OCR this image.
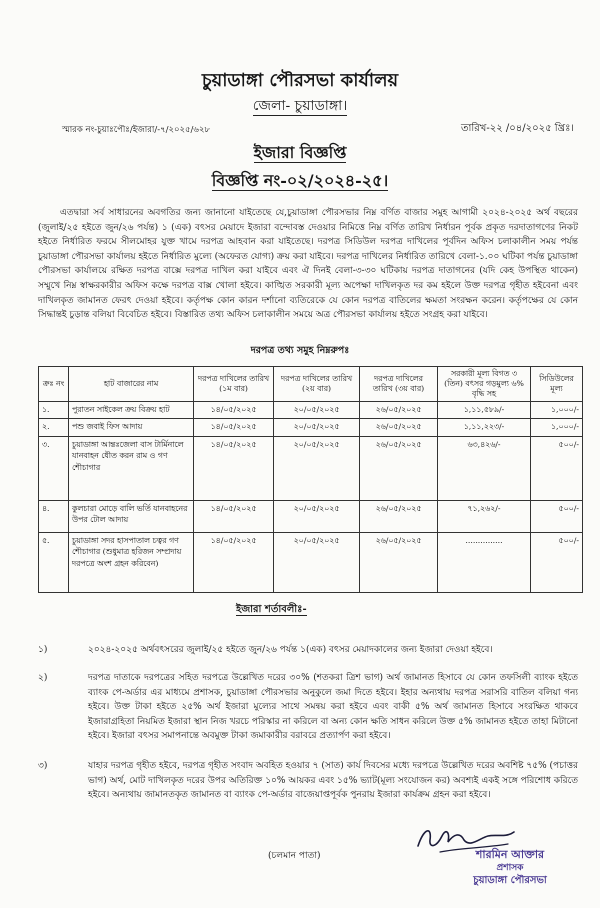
চুয়াডাঙ্গা পৌরসভা কার্যালয়
জেলা- চুয়াডাঙ্গা।
স্মারক নং-চুয়াঃপৌঃ/ইজারা/-৭/২০২৫/৬২৮	তারিখ-২২ /০৪/২০২৫ খ্রিঃ।
ইজারা বিজ্ঞপ্তি
বিজ্ঞপ্তি নং-০২/২০২৪-২৫।
এতদ্বারা সর্ব সাধারনের অবগতির জন্য জানানো যাইতেছে যে,চুয়াডাঙ্গা পৌরসভার নিম্ন বর্ণিত বাজার সমুহ আগামী ২০২৪-২০২৫ অর্থ বছরের (জুলাই/২৫ হইতে জুন/২৬ পর্যন্ত) ১ (এক) বৎসর মেয়াদে ইজারা বন্দোবস্ত দেওয়ার নিমিত্তে নিম্ন বর্ণিত তারিখ নির্ধারন পূর্বক প্রকৃত দরদাতাগণের নিকট হইতে নির্ধারিত ফরমে সীলমোহর যুক্ত খামে দরপত্র আহবান করা যাইতেছে। দরপত্র সিডিউল দরপত্র দাখিলের পূর্বদিন অফিস চলাকালীন সময় পর্যন্ত চুয়াডাঙ্গা পৌরসভা কার্যালয় হইতে নির্ধারিত মুল্যে (অফেরত যোগ্য) ক্রয় করা যাইবে। দরপত্র দাখিলের নির্ধারিত তারিখে বেলা-১.০০ ঘটিকা পর্যন্ত চুয়াডাঙ্গা পৌরসভা কার্যালয়ে রক্ষিত দরপত্র বাক্সে দরপত্র দাখিল করা যাইবে এবং ঐ দিনই বেলা-৩-৩০ ঘটিকায় দরপত্র দাতাগনের (যদি কেহ উপস্থিত থাকেন) সম্মুখে নিম্ন স্বাক্ষরকারীর অফিস কক্ষে দরপত্র বাক্স খোলা হইবে। কাঙ্খিত সরকারী মূল্য অপেক্ষা দাখিলকৃত দর কম হইলে উক্ত দরপত্র গৃহীত হইবেনা এবং দাখিলকৃত জামানত ফেরৎ দেওয়া হইবে। কর্তৃপক্ষ কোন কারন দর্শানো ব্যতিরেকে যে কোন দরপত্র বাতিলের ক্ষমতা সংরক্ষন করেন। কর্তৃপক্ষের যে কোন সিদ্ধান্তই চুড়ান্ত বলিয়া বিবেচিত হইবে। বিস্তারিত তথ্য অফিস চলাকালীন সময়ে অত্র পৌরসভা কার্যালয় হইতে সংগ্রহ করা যাইবে।
দরপত্র তথ্য সমুহ নিম্নরুপঃ
ক্রঃ নং	হাট বাজারের নাম	দরপত্র দাখিলের তারিখ (১ম বার)	দরপত্র দাখিলের তারিখ (২য় বার)	দরপত্র দাখিলের তারিখ (৩য় বার)	সরকারী মূল্য বিগত ৩ (তিন) বৎসর গড়মুল্য ৬% বৃদ্ধি সহ	সিডিউলের মূল্য
১.	পুরাতন সাইকেল ক্রয় বিক্রয় হাট	১৪/০৫/২০২৫	২০/০৫/২০২৫	২৬/০৫/২০২৫	১,১১,৫৮৯/-	১,০০০/-
২.	পশু জবাই ফিস আদায়	১৪/০৫/২০২৫	২০/০৫/২০২৫	২৬/০৫/২০২৫	১,১১,২২৩/-	১,০০০/-
৩.	চুয়াডাঙ্গা আন্তঃজেলা বাস টার্মিনালে যানবাহন ধৌত করন রাম ও গণ শৌচাগার	১৪/০৫/২০২৫	২০/০৫/২০২৫	২৬/০৫/২০২৫	৬৩,৪২৬/-	৫০০/-
৪.	কুলচারা মোড়ে বালি ভর্তি যানবাহনের উপর টোল আদায়	১৪/০৫/২০২৫	২০/০৫/২০২৫	২৬/০৫/২০২৫	৭১,২৬২/-	৫০০/-
৫.	চুয়াডাঙ্গা সদর হাসপাতাল চত্বর গণ শৌচাগার (শুধুমাত্র হরিজন সম্প্রদায় দরপত্রে অংশ গ্রহন করিবেন)	১৪/০৫/২০২৫	২০/০৫/২০২৫	২৬/০৫/২০২৫	...............	৫০০/-
ইজারা শর্তাবলীঃ-
১)	২০২৪-২০২৫ অর্থবৎসরের জুলাই/২৫ হইতে জুন/২৬ পর্যন্ত ১(এক) বৎসর মেয়াদকালের জন্য ইজারা দেওয়া হইবে।
২)	দরপত্র দাতাকে দরপত্রের সহিত দরপত্রে উল্লেখিত দরের ৩০% (শতকরা ত্রিশ ভাগ) অর্থ জামানত হিসাবে যে কোন তফসিলী ব্যাংক হইতে ব্যাংক পে-অর্ডার এর মাধ্যমে প্রশাসক, চুয়াডাঙ্গা পৌরসভার অনুকুলে জমা দিতে হইবে। ইহার অন্যথায় দরপত্র সরাসরি বাতিল বলিয়া গন্য হইবে। উক্ত টাকা হইতে ২৫% অর্থ ইজারা মুল্যের সাথে সমন্বয় করা হইবে এবং বাকী ৫% অর্থ জামানত হিসাবে সংরক্ষিত থাকবে ইজারাগ্রহিতা নিয়মিত ইজারা স্থান নিজ খরচে পরিস্কার না করিলে বা অন্য কোন ক্ষতি সাধন করিলে উক্ত ৫% জামানত হইতে তাহা মিটানো হইবে। ইজারা বৎসর সমাপনান্তে অবমুক্ত টাকা জমাকারীর বরাবরে প্রত্যার্পণ করা হইবে।
৩)	যাহার দরপত্র গৃহীত হইবে, দরপত্র গৃহীত সংবাদ অবহিত হওয়ার ৭ (সাত) কার্য দিবসের মধ্যে দরপত্রে উল্লেখিত দরের অবশিষ্ট ৭৫% (পচাত্তর ভাগ) অর্থ, মোট দাখিলকৃত দরের উপর অতিরিক্ত ১০% আয়কর এবং ১৫% ভ্যাট(মূল্য সংযোজন কর) অবশ্যই একই সঙ্গে পরিশোধ করিতে হইবে। অন্যথায় জামানতকৃত জামানত বা ব্যাংক পে-অর্ডার বাজেয়াপ্তপূর্বক পুনরায় ইজারা কার্যক্রম গ্রহন করা হইবে।
(চলমান পাতা)	শারমিন আক্তার
প্রশাসক
চুয়াডাঙ্গা পৌরসভা
